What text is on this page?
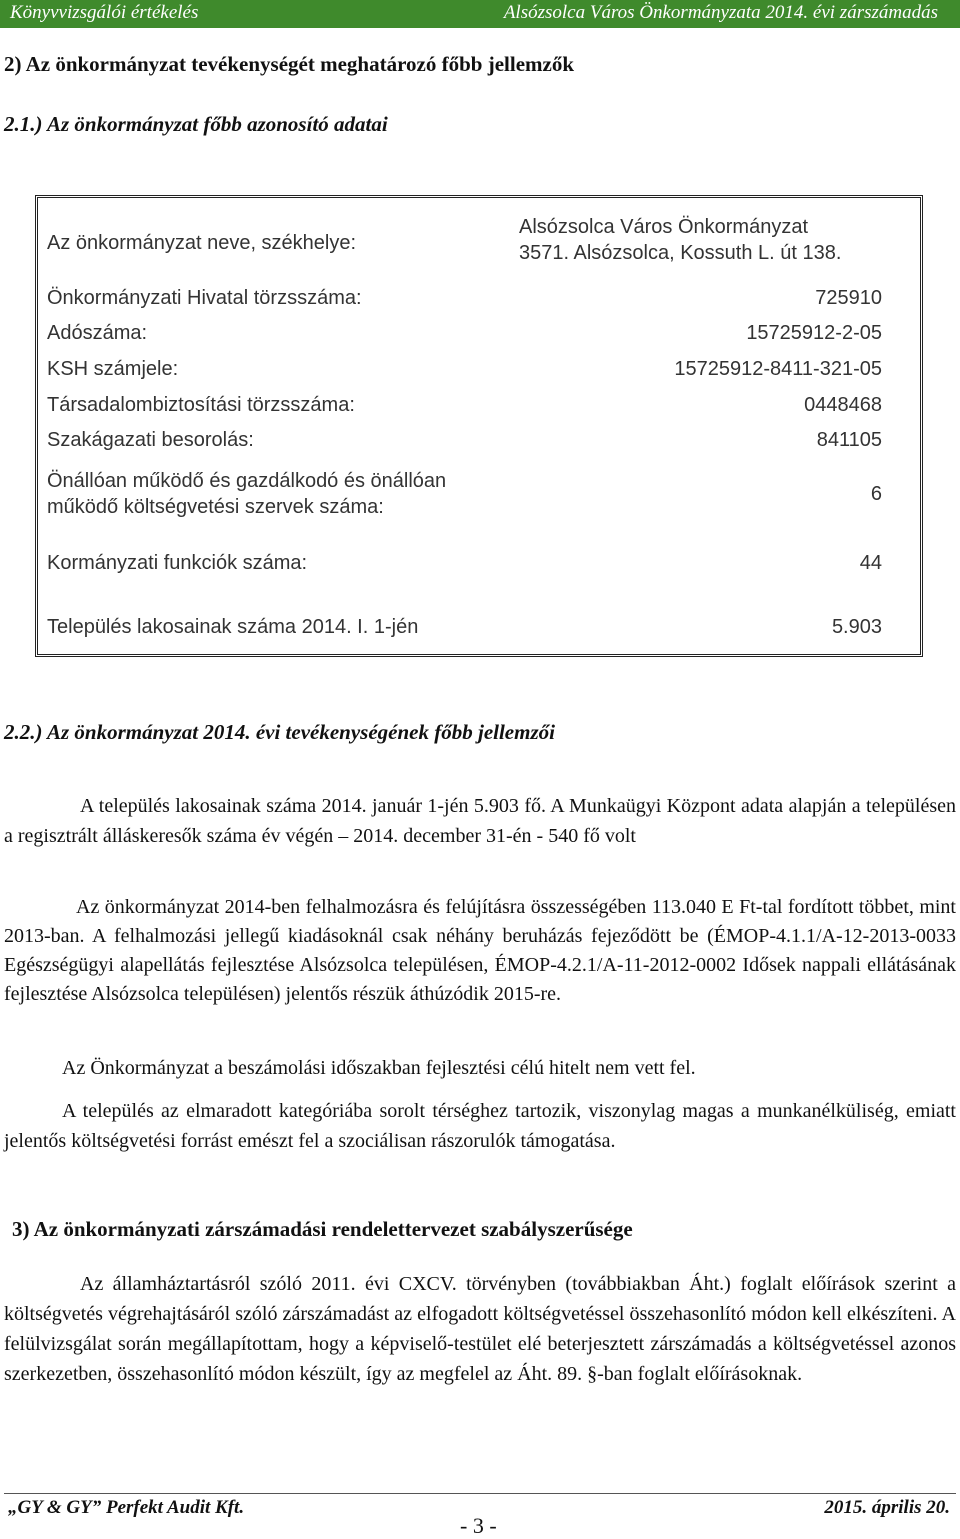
Könyvvizsgálói értékelés	Alsózsolca Város Önkormányzata 2014. évi zárszámadás
2) Az önkormányzat tevékenységét meghatározó főbb jellemzők
2.1.) Az önkormányzat főbb azonosító adatai
Az önkormányzat neve, székhelye:
Alsózsolca Város Önkormányzat
3571. Alsózsolca, Kossuth L. út 138.
Önkormányzati Hivatal törzsszáma:	725910
Adószáma:	15725912-2-05
KSH számjele:	15725912-8411-321-05
Társadalombiztosítási törzsszáma:	0448468
Szakágazati besorolás:	841105
Önállóan működő és gazdálkodó és önállóan
működő költségvetési szervek száma:
6
Kormányzati funkciók száma:	44
Település lakosainak száma 2014. I. 1-jén	5.903
2.2.) Az önkormányzat 2014. évi tevékenységének főbb jellemzői
A település lakosainak száma 2014. január 1-jén 5.903 fő. A Munkaügyi Központ adata alapján a településen a regisztrált álláskeresők száma év végén – 2014. december 31-én - 540 fő volt
Az önkormányzat 2014-ben felhalmozásra és felújításra összességében 113.040 E Ft-tal fordított többet, mint 2013-ban. A felhalmozási jellegű kiadásoknál csak néhány beruházás fejeződött be (ÉMOP-4.1.1/A-12-2013-0033 Egészségügyi alapellátás fejlesztése Alsózsolca településen, ÉMOP-4.2.1/A-11-2012-0002 Idősek nappali ellátásának fejlesztése Alsózsolca településen) jelentős részük áthúzódik 2015-re.
Az Önkormányzat a beszámolási időszakban fejlesztési célú hitelt nem vett fel.
A település az elmaradott kategóriába sorolt térséghez tartozik, viszonylag magas a munkanélküliség, emiatt jelentős költségvetési forrást emészt fel a szociálisan rászorulók támogatása.
3) Az önkormányzati zárszámadási rendelettervezet szabályszerűsége
Az államháztartásról szóló 2011. évi CXCV. törvényben (továbbiakban Áht.) foglalt előírások szerint a költségvetés végrehajtásáról szóló zárszámadást az elfogadott költségvetéssel összehasonlító módon kell elkészíteni. A felülvizsgálat során megállapítottam, hogy a képviselő-testület elé beterjesztett zárszámadás a költségvetéssel azonos szerkezetben, összehasonlító módon készült, így az megfelel az Áht. 89. §-ban foglalt előírásoknak.
„GY & GY” Perfekt Audit Kft.	2015. április 20.
- 3 -
